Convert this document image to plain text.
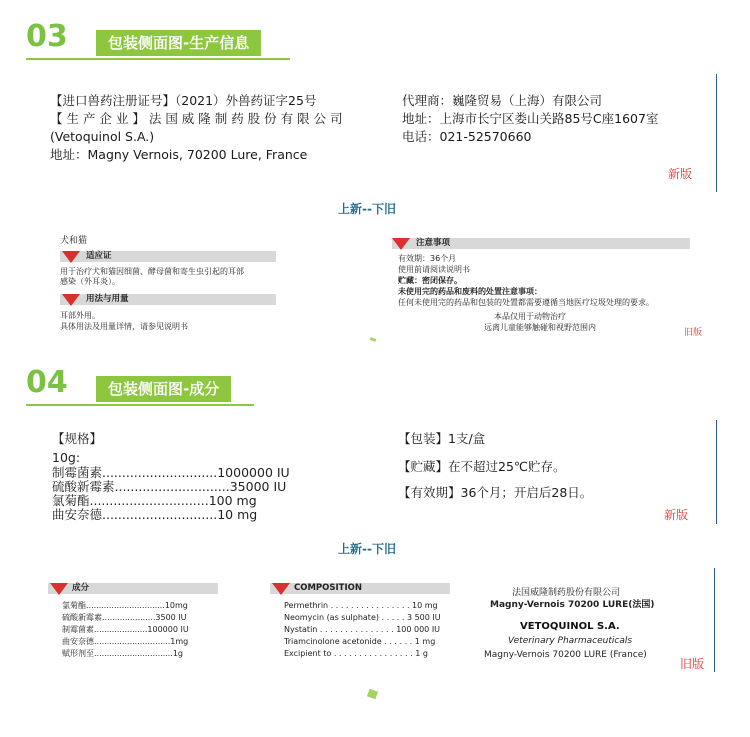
03	包装侧面图-生产信息
【进口兽药注册证号】（2021）外兽药证字25号
【 生 产 企 业 】 法 国 威 隆 制 药 股 份 有 限 公 司
(Vetoquinol S.A.)
地址：Magny Vernois, 70200 Lure, France
代理商：巍隆贸易（上海）有限公司
地址：上海市长宁区娄山关路85号C座1607室
电话：021-52570660
新版
上新--下旧
犬和猫
适应证
用于治疗犬和猫因细菌、酵母菌和寄生虫引起的耳部
感染（外耳炎）。
用法与用量
耳部外用。
具体用法及用量详情，请参见说明书
注意事项
有效期：36个月
使用前请阅读说明书
贮藏：密闭保存。
未使用完的药品和废料的处置注意事项：
任何未使用完的药品和包装的处置都需要遵循当地医疗垃圾处理的要求。
本品仅用于动物治疗
远离儿童能够触碰和视野范围内
旧版
04	包装侧面图-成分
【规格】
10g:
制霉菌素.............................1000000 IU
硫酸新霉素.............................35000 IU
氯菊酯..............................100 mg
曲安奈德.............................10 mg
【包装】1支/盒
【贮藏】在不超过25℃贮存。
【有效期】36个月；开启后28日。
新版
上新--下旧
成分
氯菊酯...............................10mg
硫酸新霉素.....................3500 IU
制霉菌素.....................100000 IU
曲安奈德..............................1mg
赋形剂至...............................1g
COMPOSITION
Permethrin . . . . . . . . . . . . . . . . 10 mg
Neomycin (as sulphate) . . . . . 3 500 IU
Nystatin . . . . . . . . . . . . . . . 100 000 IU
Triamcinolone acetonide . . . . . . 1 mg
Excipient to . . . . . . . . . . . . . . . . 1 g
法国威隆制药股份有限公司
Magny-Vernois 70200 LURE(法国)
VETOQUINOL S.A.
Veterinary Pharmaceuticals
Magny-Vernois 70200 LURE (France)
旧版
